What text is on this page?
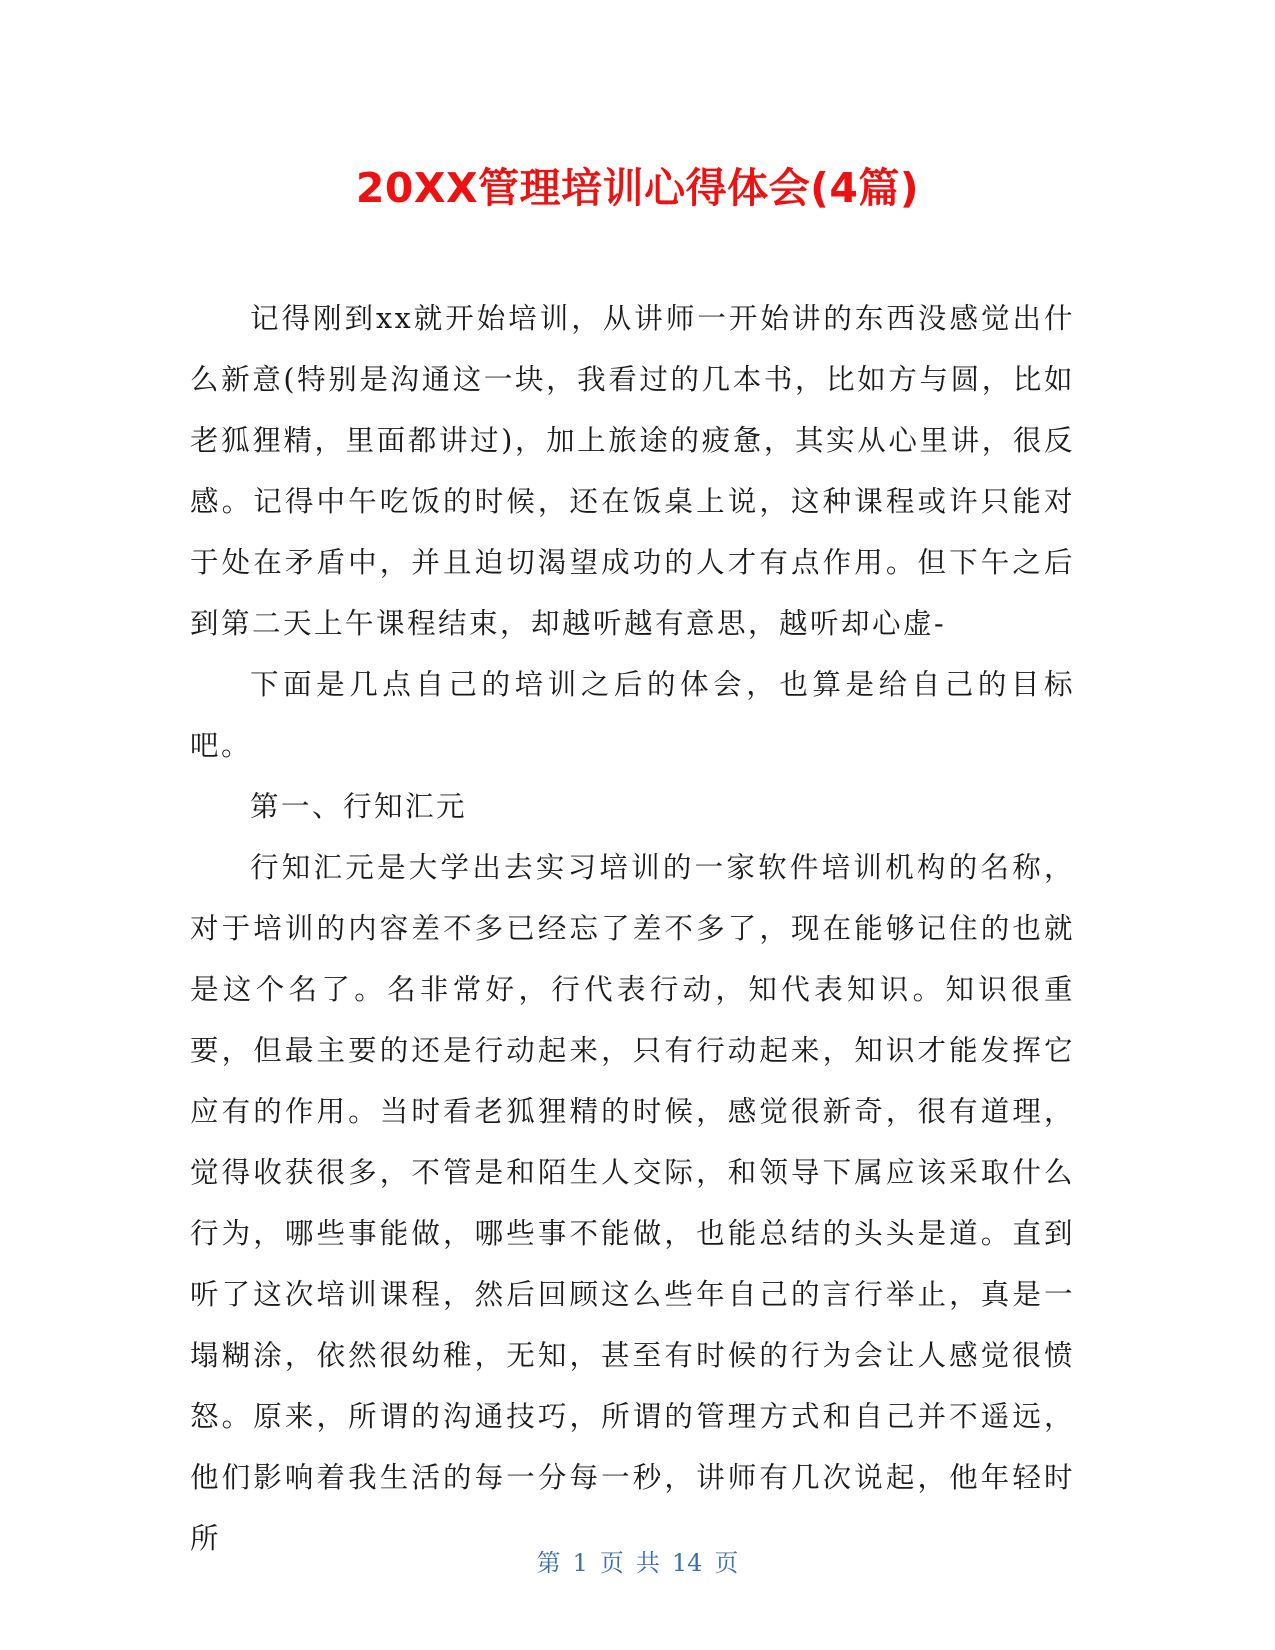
20XX管理培训心得体会(4篇)

记得刚到xx就开始培训，从讲师一开始讲的东西没感觉出什么新意(特别是沟通这一块，我看过的几本书，比如方与圆，比如老狐狸精，里面都讲过)，加上旅途的疲惫，其实从心里讲，很反感。记得中午吃饭的时候，还在饭桌上说，这种课程或许只能对于处在矛盾中，并且迫切渴望成功的人才有点作用。但下午之后到第二天上午课程结束，却越听越有意思，越听却心虚-

下面是几点自己的培训之后的体会，也算是给自己的目标吧。

第一、行知汇元

行知汇元是大学出去实习培训的一家软件培训机构的名称，对于培训的内容差不多已经忘了差不多了，现在能够记住的也就是这个名了。名非常好，行代表行动，知代表知识。知识很重要，但最主要的还是行动起来，只有行动起来，知识才能发挥它应有的作用。当时看老狐狸精的时候，感觉很新奇，很有道理，觉得收获很多，不管是和陌生人交际，和领导下属应该采取什么行为，哪些事能做，哪些事不能做，也能总结的头头是道。直到听了这次培训课程，然后回顾这么些年自己的言行举止，真是一塌糊涂，依然很幼稚，无知，甚至有时候的行为会让人感觉很愤怒。原来，所谓的沟通技巧，所谓的管理方式和自己并不遥远，他们影响着我生活的每一分每一秒，讲师有几次说起，他年轻时所

第 1 页 共 14 页
